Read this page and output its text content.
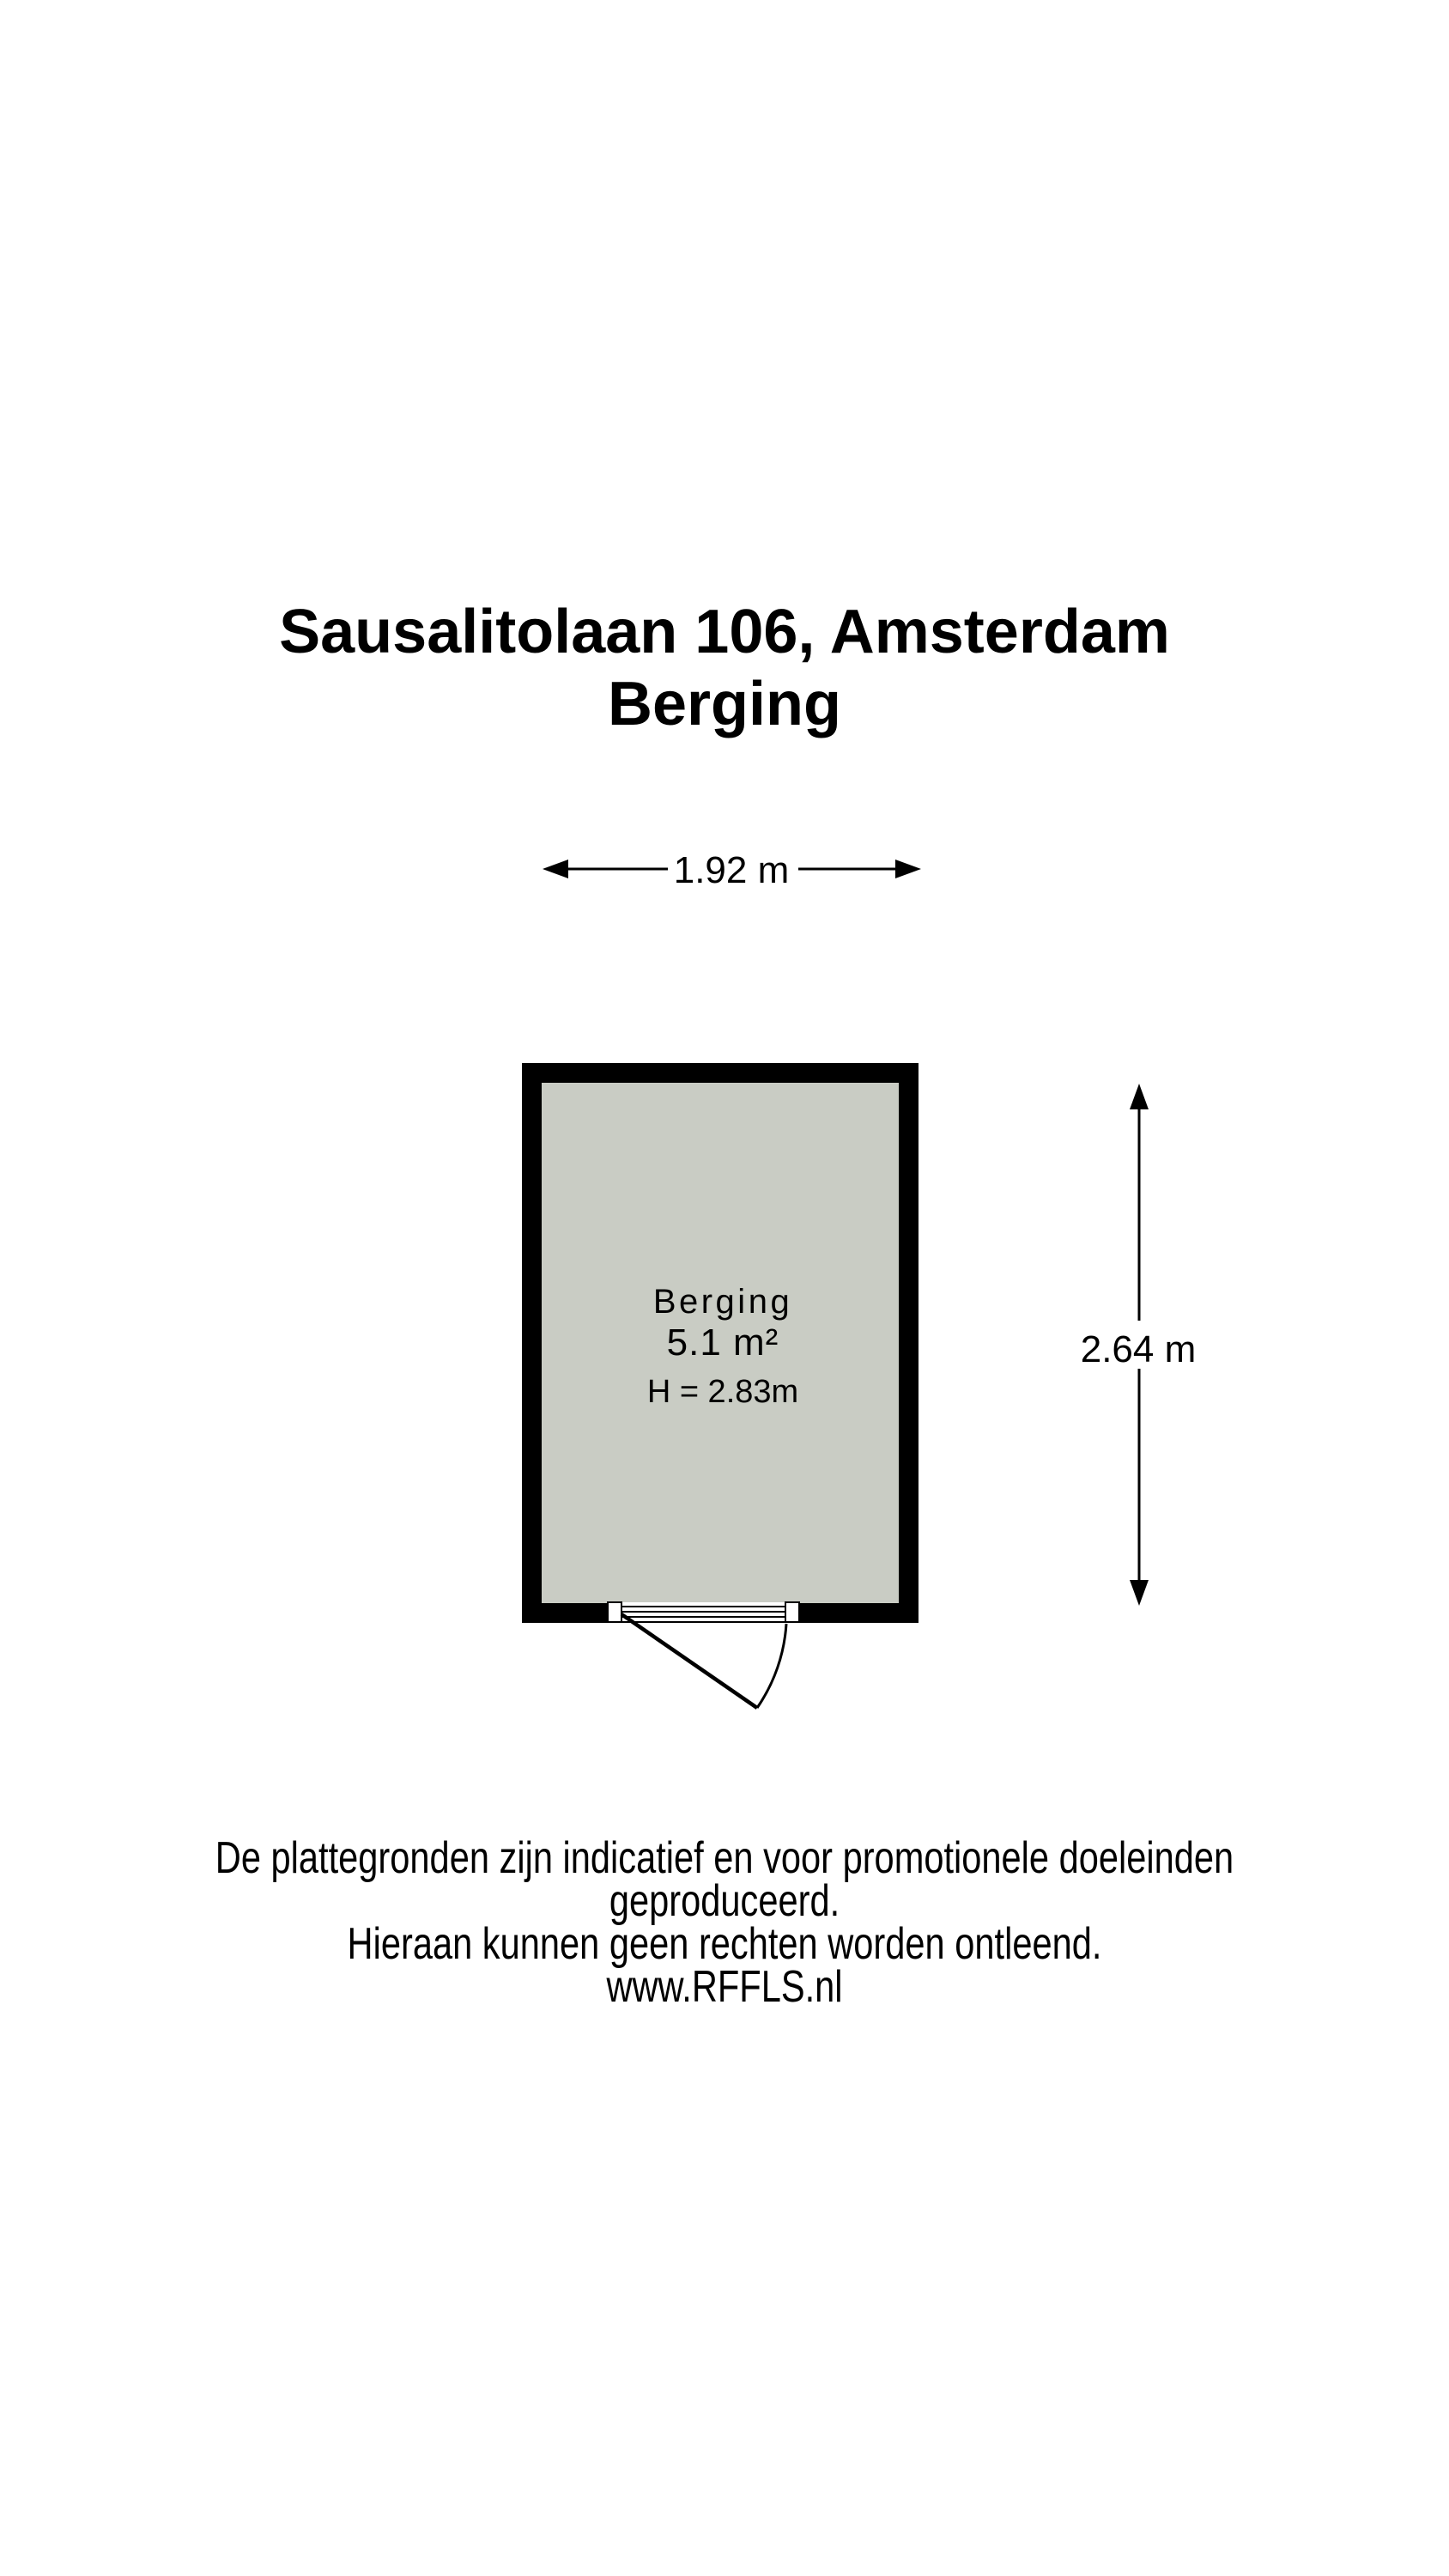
Sausalitolaan 106, Amsterdam
Berging
1.92 m
2.64 m
Berging
5.1 m²
H = 2.83m
De plattegronden zijn indicatief en voor promotionele doeleinden geproduceerd.
Hieraan kunnen geen rechten worden ontleend.
www.RFFLS.nl
